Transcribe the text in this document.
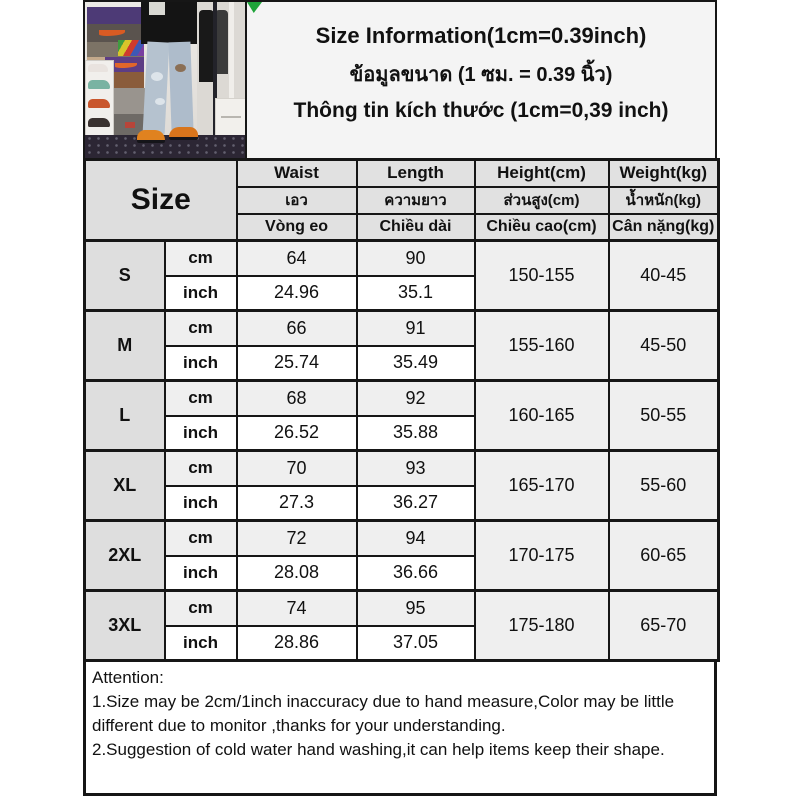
Size Information(1cm=0.39inch)
ข้อมูลขนาด (1 ซม. = 0.39 นิ้ว)
Thông tin kích thước (1cm=0,39 inch)
Size		Waist	Length	Height(cm)	Weight(kg)
		เอว	ความยาว	ส่วนสูง(cm)	น้ำหนัก(kg)
		Vòng eo	Chiều dài	Chiều cao(cm)	Cân nặng(kg)
S	cm	64	90	150-155	40-45
	inch	24.96	35.1		
M	cm	66	91	155-160	45-50
	inch	25.74	35.49		
L	cm	68	92	160-165	50-55
	inch	26.52	35.88		
XL	cm	70	93	165-170	55-60
	inch	27.3	36.27		
2XL	cm	72	94	170-175	60-65
	inch	28.08	36.66		
3XL	cm	74	95	175-180	65-70
	inch	28.86	37.05		
Attention:
1.Size may be 2cm/1inch inaccuracy due to hand measure,Color may be little different due to monitor ,thanks for your understanding.
2.Suggestion of cold water hand washing,it can help items keep their shape.
